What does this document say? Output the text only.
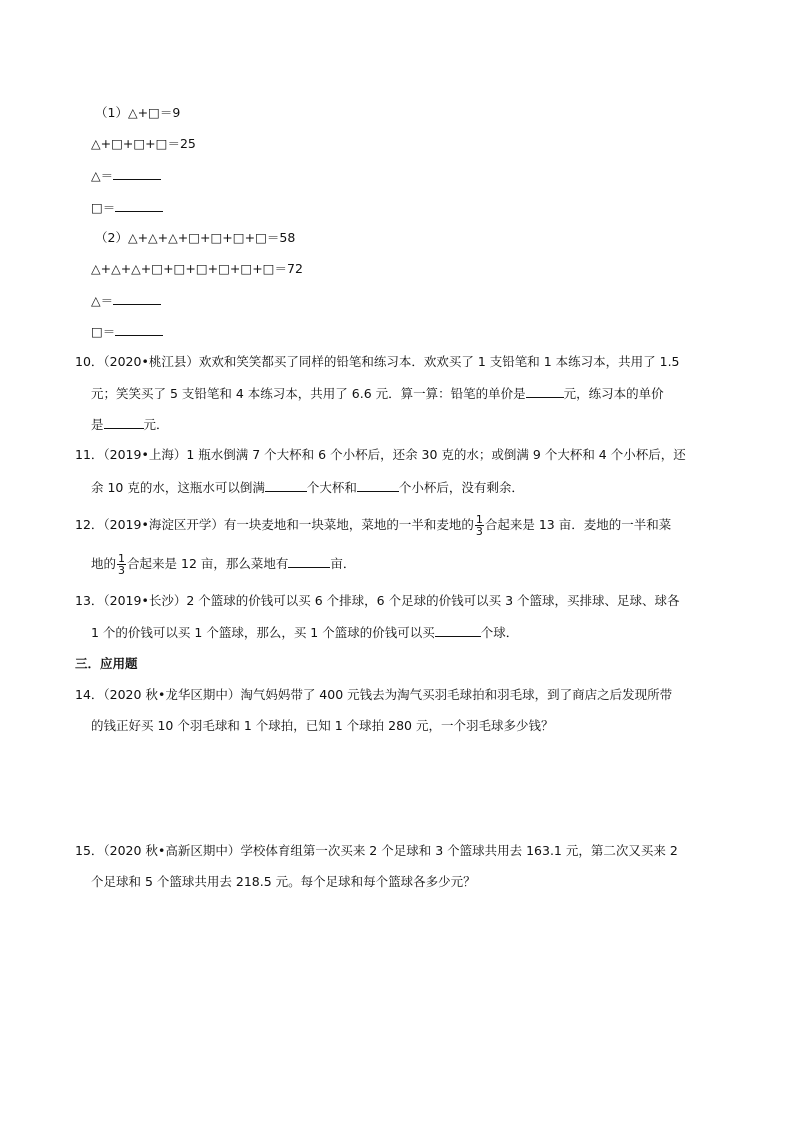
（1）△+□＝9
△+□+□+□＝25
△＝
□＝
（2）△+△+△+□+□+□+□＝58
△+△+△+□+□+□+□+□+□＝72
△＝
□＝
10．（2020•桃江县）欢欢和笑笑都买了同样的铅笔和练习本．欢欢买了 1 支铅笔和 1 本练习本，共用了 1.5
元；笑笑买了 5 支铅笔和 4 本练习本，共用了 6.6 元．算一算：铅笔的单价是	元，练习本的单价
是	元．
11．（2019•上海）1 瓶水倒满 7 个大杯和 6 个小杯后，还余 30 克的水；或倒满 9 个大杯和 4 个小杯后，还
余 10 克的水，这瓶水可以倒满	个大杯和	个小杯后，没有剩余．
12．（2019•海淀区开学）有一块麦地和一块菜地，菜地的一半和麦地的 $\frac{1}{3}$ 合起来是 13 亩．麦地的一半和菜
地的 $\frac{1}{3}$ 合起来是 12 亩，那么菜地有	亩．
13．（2019•长沙）2 个篮球的价钱可以买 6 个排球，6 个足球的价钱可以买 3 个篮球，买排球、足球、球各
1 个的价钱可以买 1 个篮球，那么，买 1 个篮球的价钱可以买	个球．
三．应用题
14．（2020 秋•龙华区期中）淘气妈妈带了 400 元钱去为淘气买羽毛球拍和羽毛球，到了商店之后发现所带
的钱正好买 10 个羽毛球和 1 个球拍，已知 1 个球拍 280 元，一个羽毛球多少钱？
15．（2020 秋•高新区期中）学校体育组第一次买来 2 个足球和 3 个篮球共用去 163.1 元，第二次又买来 2
个足球和 5 个篮球共用去 218.5 元。每个足球和每个篮球各多少元？
